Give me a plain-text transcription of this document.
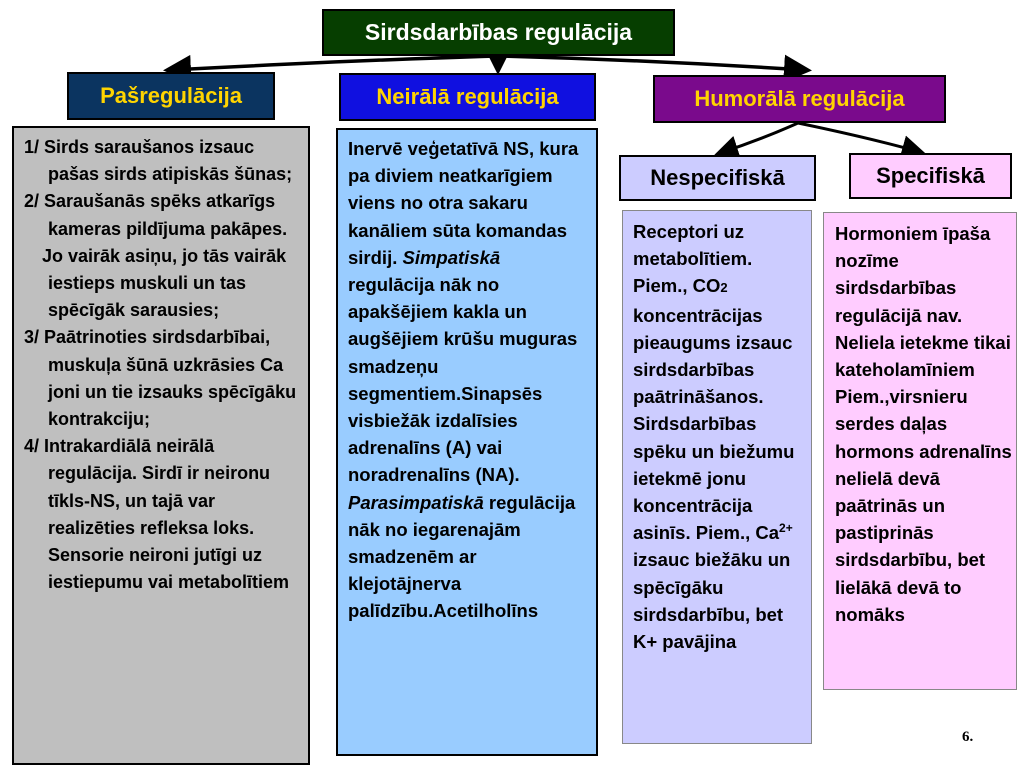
Sirdsdarbības regulācija
Pašregulācija	Neirālā regulācija	Humorālā regulācija
Nespecifiskā	Specifiskā

1/ Sirds saraušanos izsauc pašas sirds atipiskās šūnas;

2/ Saraušanās spēks atkarīgs kameras pildījuma pakāpes.

Jo vairāk asiņu, jo tās vairāk iestieps muskuli un tas spēcīgāk sarausies;

3/ Paātrinoties sirdsdarbībai, muskuļa šūnā uzkrāsies Ca joni un tie izsauks spēcīgāku kontrakciju;

4/ Intrakardiālā neirālā regulācija. Sirdī ir neironu tīkls-NS, un tajā var realizēties refleksa loks. Sensorie neironi jutīgi uz iestiepumu vai metabolītiem

Inervē veģetatīvā NS, kura pa diviem neatkarīgiem viens no otra sakaru kanāliem sūta komandas sirdij. Simpatiskā regulācija nāk no apakšējiem kakla un augšējiem krūšu muguras smadzeņu segmentiem.Sinapsēs visbiežāk izdalīsies adrenalīns (A) vai noradrenalīns (NA). Parasimpatiskā regulācija nāk no iegarenajām smadzenēm ar klejotājnerva palīdzību.Acetilholīns

Receptori uz metabolītiem. Piem., CO2 koncentrācijas pieaugums izsauc sirdsdarbības paātrināšanos. Sirdsdarbības spēku un biežumu ietekmē jonu koncentrācija asinīs. Piem., $Ca^{2+}$ izsauc biežāku un spēcīgāku sirdsdarbību, bet K+ pavājina

Hormoniem īpaša nozīme sirdsdarbības regulācijā nav. Neliela ietekme tikai kateholamīniem Piem.,virsnieru serdes daļas hormons adrenalīns nelielā devā paātrinās un pastiprinās sirdsdarbību, bet lielākā devā to nomāks

6.
